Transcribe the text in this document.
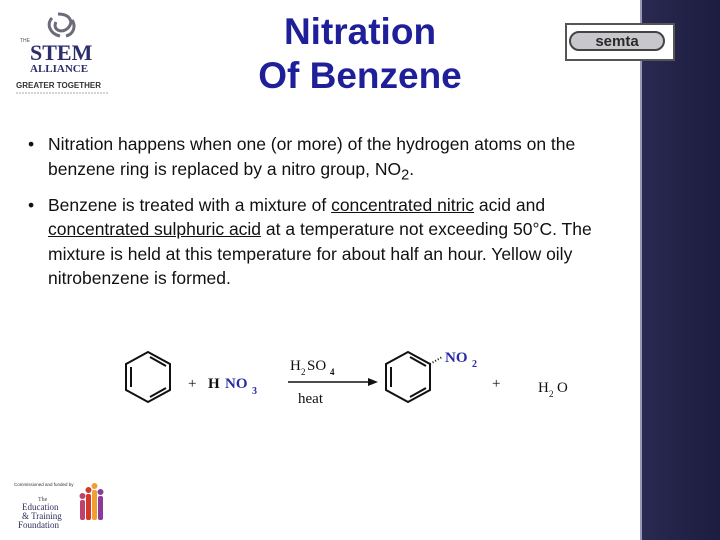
THE STEM
ALLIANCE
GREATER TOGETHER
Nitration
Of Benzene
semta
• Nitration happens when one (or more) of the hydrogen atoms on the benzene ring is replaced by a nitro group, $NO_2$.
• Benzene is treated with a mixture of concentrated nitric acid and concentrated sulphuric acid at a temperature not exceeding 50°C. The mixture is held at this temperature for about half an hour. Yellow oily nitrobenzene is formed.
+ H NO 3
H 2 SO 4
heat
NO 2
+	H 2 O
Commissioned and funded by
The
Education
& Training
Foundation
